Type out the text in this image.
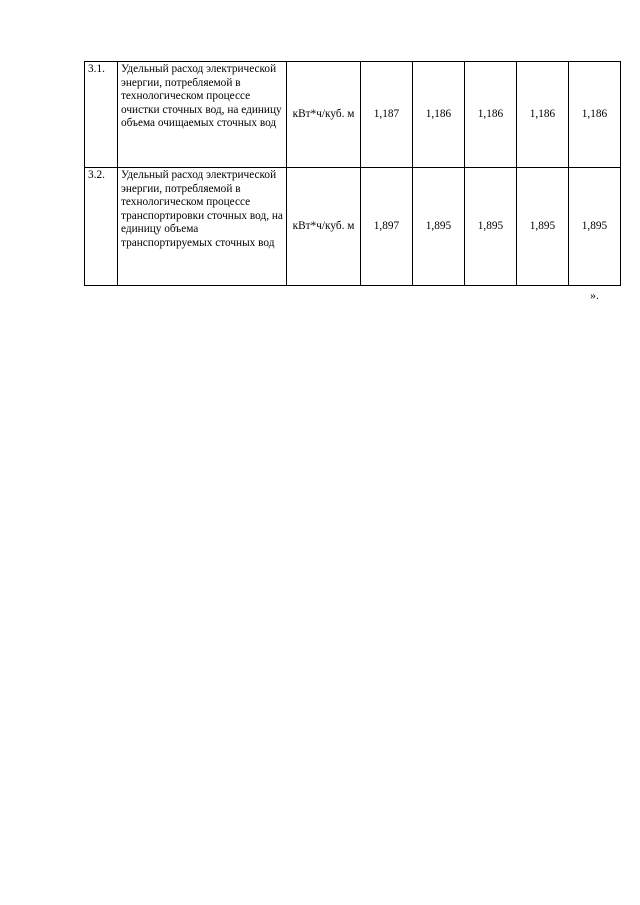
3.1.	Удельный расход электрической энергии, потребляемой в технологическом процессе очистки сточных вод, на единицу объема очищаемых сточных вод	кВт*ч/куб. м	1,187	1,186	1,186	1,186	1,186
3.2.	Удельный расход электрической энергии, потребляемой в технологическом процессе транспортировки сточных вод, на единицу объема транспортируемых сточных вод	кВт*ч/куб. м	1,897	1,895	1,895	1,895	1,895
».
